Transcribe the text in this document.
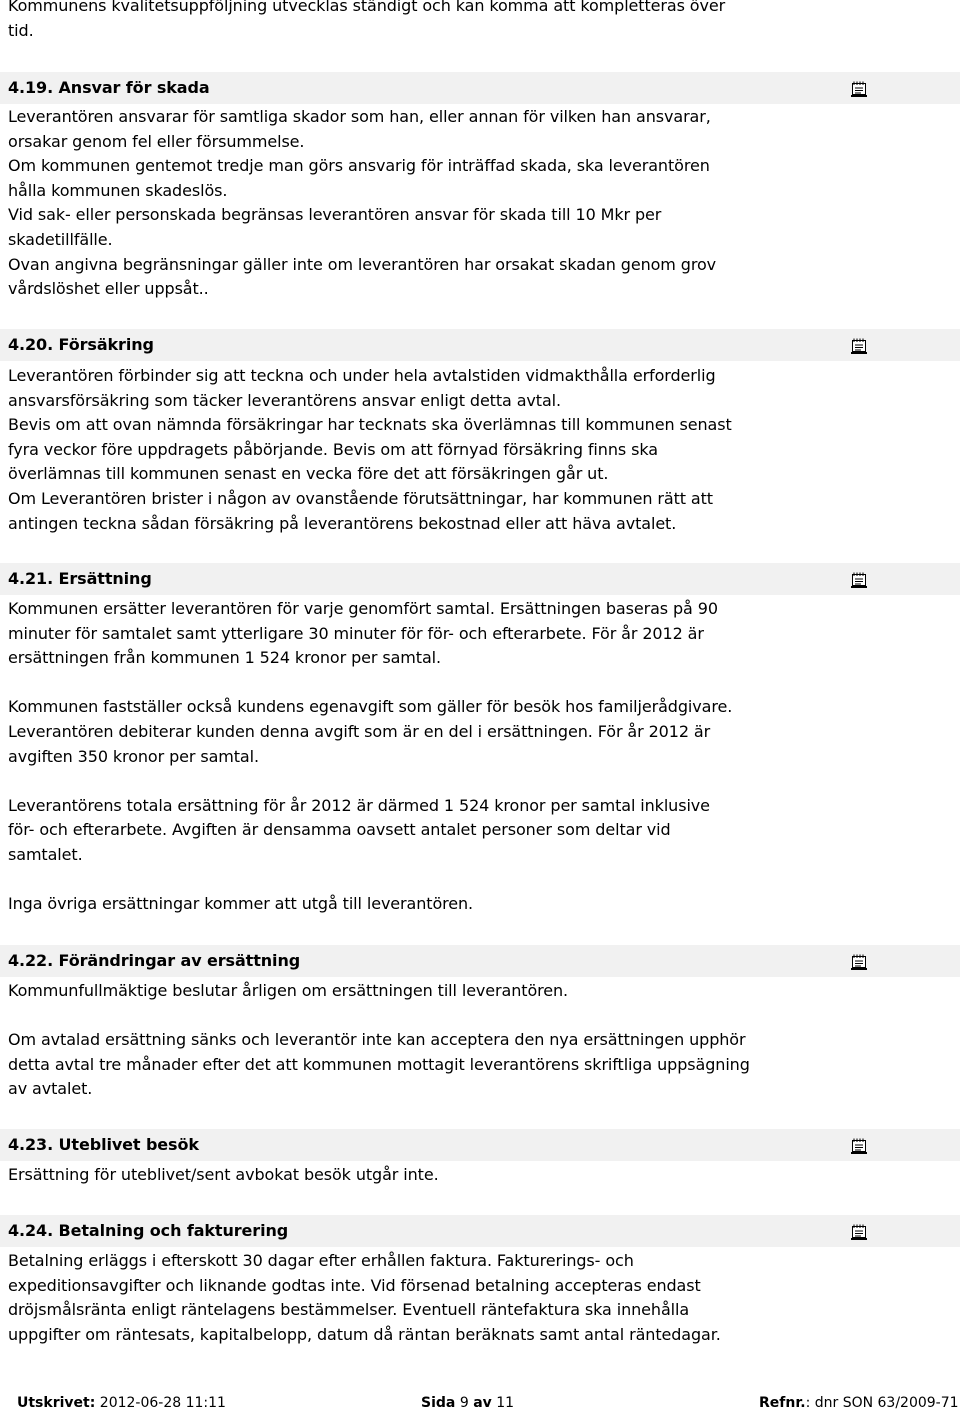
Kommunens kvalitetsuppföljning utvecklas ständigt och kan komma att kompletteras över
tid.

4.19. Ansvar för skada

Leverantören ansvarar för samtliga skador som han, eller annan för vilken han ansvarar,
orsakar genom fel eller försummelse.
Om kommunen gentemot tredje man görs ansvarig för inträffad skada, ska leverantören
hålla kommunen skadeslös.
Vid sak- eller personskada begränsas leverantören ansvar för skada till 10 Mkr per
skadetillfälle.
Ovan angivna begränsningar gäller inte om leverantören har orsakat skadan genom grov
vårdslöshet eller uppsåt..

4.20. Försäkring

Leverantören förbinder sig att teckna och under hela avtalstiden vidmakthålla erforderlig
ansvarsförsäkring som täcker leverantörens ansvar enligt detta avtal.
Bevis om att ovan nämnda försäkringar har tecknats ska överlämnas till kommunen senast
fyra veckor före uppdragets påbörjande. Bevis om att förnyad försäkring finns ska
överlämnas till kommunen senast en vecka före det att försäkringen går ut.
Om Leverantören brister i någon av ovanstående förutsättningar, har kommunen rätt att
antingen teckna sådan försäkring på leverantörens bekostnad eller att häva avtalet.

4.21. Ersättning

Kommunen ersätter leverantören för varje genomfört samtal. Ersättningen baseras på 90
minuter för samtalet samt ytterligare 30 minuter för för- och efterarbete. För år 2012 är
ersättningen från kommunen 1 524 kronor per samtal.

Kommunen fastställer också kundens egenavgift som gäller för besök hos familjerådgivare.
Leverantören debiterar kunden denna avgift som är en del i ersättningen. För år 2012 är
avgiften 350 kronor per samtal.

Leverantörens totala ersättning för år 2012 är därmed 1 524 kronor per samtal inklusive
för- och efterarbete. Avgiften är densamma oavsett antalet personer som deltar vid
samtalet.

Inga övriga ersättningar kommer att utgå till leverantören.

4.22. Förändringar av ersättning

Kommunfullmäktige beslutar årligen om ersättningen till leverantören.

Om avtalad ersättning sänks och leverantör inte kan acceptera den nya ersättningen upphör
detta avtal tre månader efter det att kommunen mottagit leverantörens skriftliga uppsägning
av avtalet.

4.23. Uteblivet besök

Ersättning för uteblivet/sent avbokat besök utgår inte.

4.24. Betalning och fakturering

Betalning erläggs i efterskott 30 dagar efter erhållen faktura. Fakturerings- och
expeditionsavgifter och liknande godtas inte. Vid försenad betalning accepteras endast
dröjsmålsränta enligt räntelagens bestämmelser. Eventuell räntefaktura ska innehålla
uppgifter om räntesats, kapitalbelopp, datum då räntan beräknats samt antal räntedagar.

Utskrivet: 2012-06-28 11:11	Sida 9 av 11	Refnr.: dnr SON 63/2009-71
